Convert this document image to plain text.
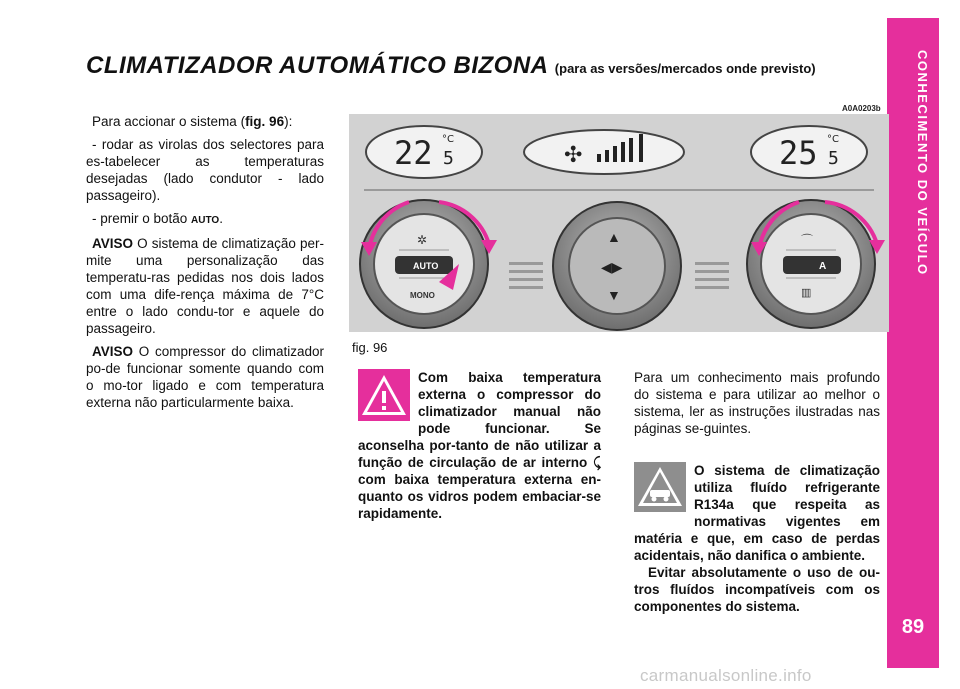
CONHECIMENTO DO VEÍCULO
89
CLIMATIZADOR AUTOMÁTICO BIZONA (para as versões/mercados onde previsto)

Para accionar o sistema (fig. 96):

- rodar as virolas dos selectores para es-tabelecer as temperaturas desejadas (lado condutor - lado passageiro).

- premir o botão AUTO.

AVISO O sistema de climatização per-mite uma personalização das temperatu-ras pedidas nos dois lados com uma dife-rença máxima de 7°C entre o lado condu-tor e aquele do passageiro.

AVISO O compressor do climatizador po-de funcionar somente quando com o mo-tor ligado e com temperatura externa não particularmente baixa.

A0A0203b
22 5
°C
✣	25 5
°C
✲
AUTO
MONO
▲
◀▶
▼
⌒
A
▥
fig. 96
Com baixa temperatura externa o compressor do climatizador manual não pode funcionar. Se aconselha por-tanto de não utilizar a função de circulação de ar interno ⤹ com baixa temperatura externa en-quanto os vidros podem embaciar-se rapidamente.
Para um conhecimento mais profundo do sistema e para utilizar ao melhor o sistema, ler as instruções ilustradas nas páginas se-guintes.

O sistema de climatização utiliza fluído refrigerante R134a que respeita as normativas vigentes em matéria e que, em caso de perdas acidentais, não danifica o ambiente.

Evitar absolutamente o uso de ou-tros fluídos incompatíveis com os componentes do sistema.

carmanualsonline.info
